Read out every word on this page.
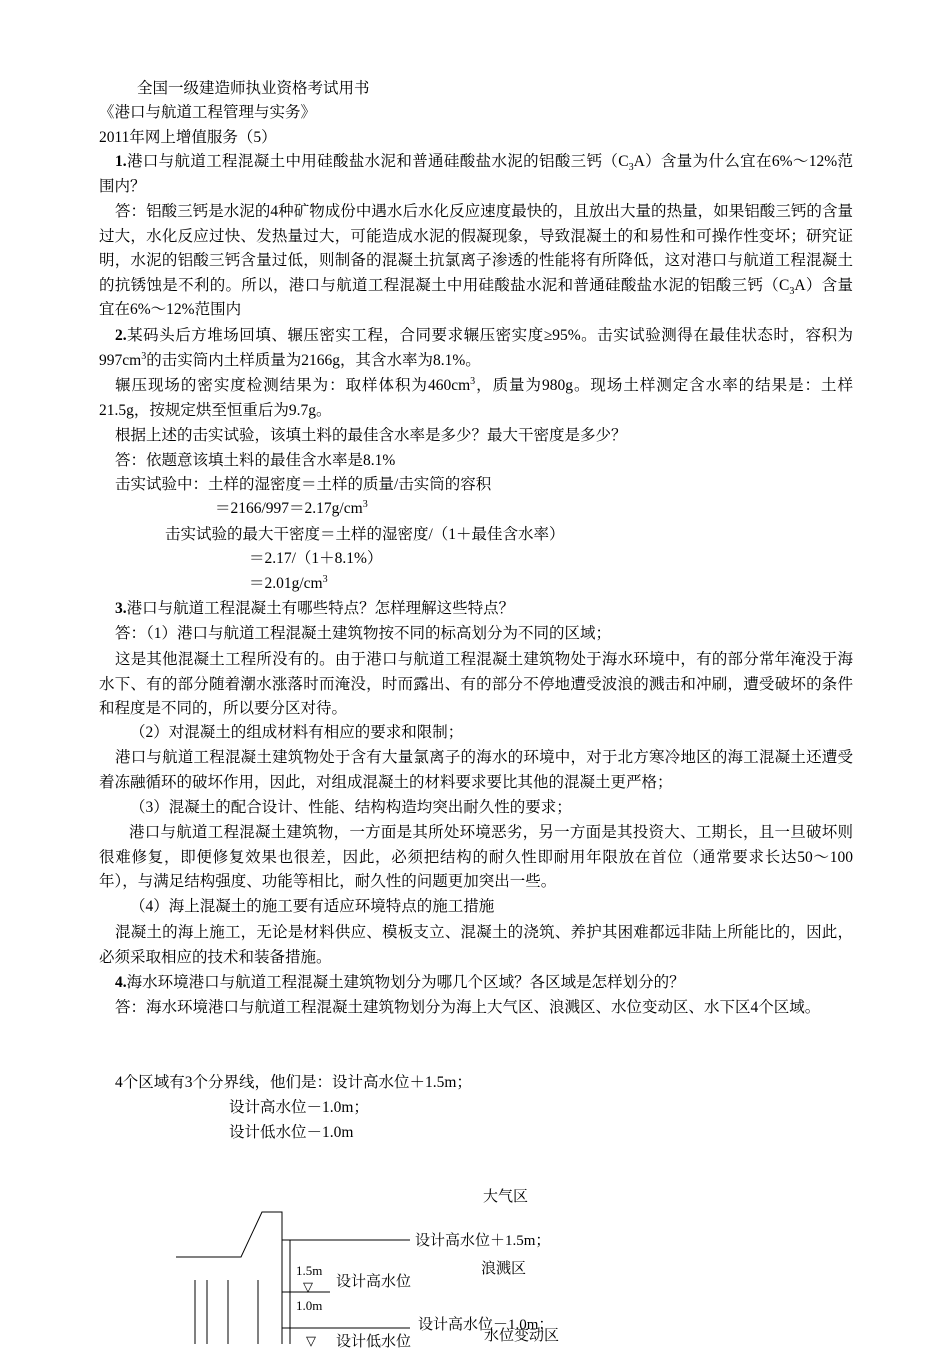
全国一级建造师执业资格考试用书
《港口与航道工程管理与实务》
2011年网上增值服务（5）
1.港口与航道工程混凝土中用硅酸盐水泥和普通硅酸盐水泥的铝酸三钙$(C_3A)$含量为什么宜在6%～12%范围内？
答：铝酸三钙是水泥的4种矿物成份中遇水后水化反应速度最快的，且放出大量的热量，如果铝酸三钙的含量过大，水化反应过快、发热量过大，可能造成水泥的假凝现象，导致混凝土的和易性和可操作性变坏；研究证明，水泥的铝酸三钙含量过低，则制备的混凝土抗氯离子渗透的性能将有所降低，这对港口与航道工程混凝土的抗锈蚀是不利的。所以，港口与航道工程混凝土中用硅酸盐水泥和普通硅酸盐水泥的铝酸三钙$(C_3A)$含量宜在6%～12%范围内
2.某码头后方堆场回填、辗压密实工程，合同要求辗压密实度≥95%。击实试验测得在最佳状态时，容积为$997cm^3$的击实筒内土样质量为2166g，其含水率为8.1%。
辗压现场的密实度检测结果为：取样体积为$460cm^3$，质量为980g。现场土样测定含水率的结果是：土样21.5g，按规定烘至恒重后为9.7g。
根据上述的击实试验，该填土料的最佳含水率是多少？最大干密度是多少？
答：依题意该填土料的最佳含水率是8.1%
击实试验中：土样的湿密度＝土样的质量/击实筒的容积
$=2166/997=2.17g/cm^3$
击实试验的最大干密度＝土样的湿密度/（1＋最佳含水率）
＝2.17/（1＋8.1%）
$=2.01g/cm^3$
3.港口与航道工程混凝土有哪些特点？怎样理解这些特点？
答：（1）港口与航道工程混凝土建筑物按不同的标高划分为不同的区域；
这是其他混凝土工程所没有的。由于港口与航道工程混凝土建筑物处于海水环境中，有的部分常年淹没于海水下、有的部分随着潮水涨落时而淹没，时而露出、有的部分不停地遭受波浪的溅击和冲刷，遭受破坏的条件和程度是不同的，所以要分区对待。
（2）对混凝土的组成材料有相应的要求和限制；
港口与航道工程混凝土建筑物处于含有大量氯离子的海水的环境中，对于北方寒冷地区的海工混凝土还遭受着冻融循环的破坏作用，因此，对组成混凝土的材料要求要比其他的混凝土更严格；
（3）混凝土的配合设计、性能、结构构造均突出耐久性的要求；
港口与航道工程混凝土建筑物，一方面是其所处环境恶劣，另一方面是其投资大、工期长，且一旦破坏则很难修复，即便修复效果也很差，因此，必须把结构的耐久性即耐用年限放在首位（通常要求长达50～100年），与满足结构强度、功能等相比，耐久性的问题更加突出一些。
（4）海上混凝土的施工要有适应环境特点的施工措施
混凝土的海上施工，无论是材料供应、模板支立、混凝土的浇筑、养护其困难都远非陆上所能比的，因此，必须采取相应的技术和装备措施。
4.海水环境港口与航道工程混凝土建筑物划分为哪几个区域？各区域是怎样划分的？
答：海水环境港口与航道工程混凝土建筑物划分为海上大气区、浪溅区、水位变动区、水下区4个区域。
4个区域有3个分界线，他们是：设计高水位＋1.5m；
设计高水位－1.0m；
设计低水位－1.0m
大气区
设计高水位＋1.5m；
浪溅区
1.5m
▽ 设计高水位
1.0m
设计高水位－1.0m；
▽ 设计低水位	水位变动区
